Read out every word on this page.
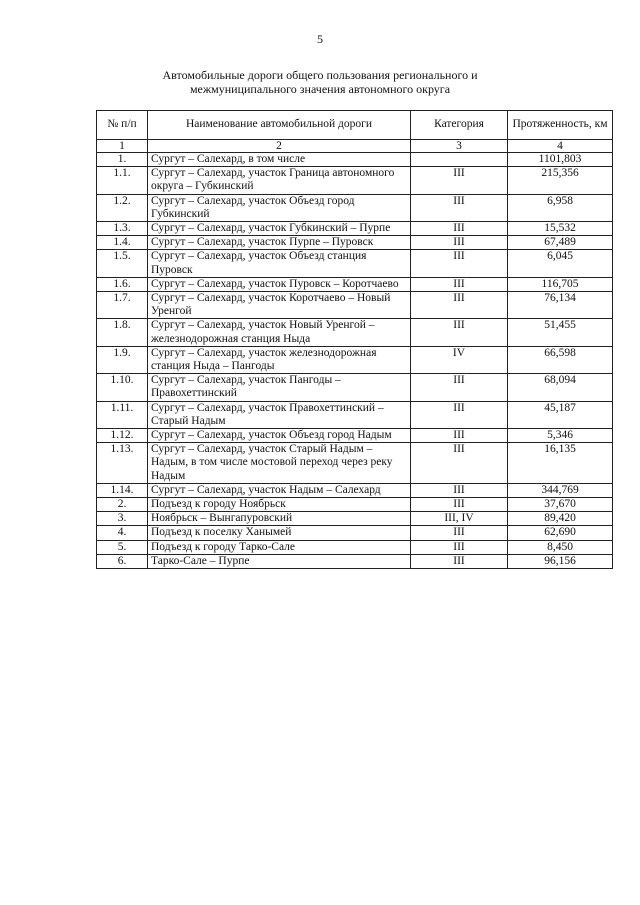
5
Автомобильные дороги общего пользования регионального и
межмуниципального значения автономного округа
№ п/п	Наименование автомобильной дороги	Категория	Протяженность, км
1	2	3	4
1.	Сургут – Салехард, в том числе		1101,803
1.1.	Сургут – Салехард, участок Граница автономного округа – Губкинский	III	215,356
1.2.	Сургут – Салехард, участок Объезд город Губкинский	III	6,958
1.3.	Сургут – Салехард, участок Губкинский – Пурпе	III	15,532
1.4.	Сургут – Салехард, участок Пурпе – Пуровск	III	67,489
1.5.	Сургут – Салехард, участок Объезд станция Пуровск	III	6,045
1.6.	Сургут – Салехард, участок Пуровск – Коротчаево	III	116,705
1.7.	Сургут – Салехард, участок Коротчаево – Новый Уренгой	III	76,134
1.8.	Сургут – Салехард, участок Новый Уренгой – железнодорожная станция Ныда	III	51,455
1.9.	Сургут – Салехард, участок железнодорожная станция Ныда – Пангоды	IV	66,598
1.10.	Сургут – Салехард, участок Пангоды – Правохеттинский	III	68,094
1.11.	Сургут – Салехард, участок Правохеттинский – Старый Надым	III	45,187
1.12.	Сургут – Салехард, участок Объезд город Надым	III	5,346
1.13.	Сургут – Салехард, участок Старый Надым – Надым, в том числе мостовой переход через реку Надым	III	16,135
1.14.	Сургут – Салехард, участок Надым – Салехард	III	344,769
2.	Подъезд к городу Ноябрьск	III	37,670
3.	Ноябрьск – Вынгапуровский	III, IV	89,420
4.	Подъезд к поселку Ханымей	III	62,690
5.	Подъезд к городу Тарко-Сале	III	8,450
6.	Тарко-Сале – Пурпе	III	96,156
